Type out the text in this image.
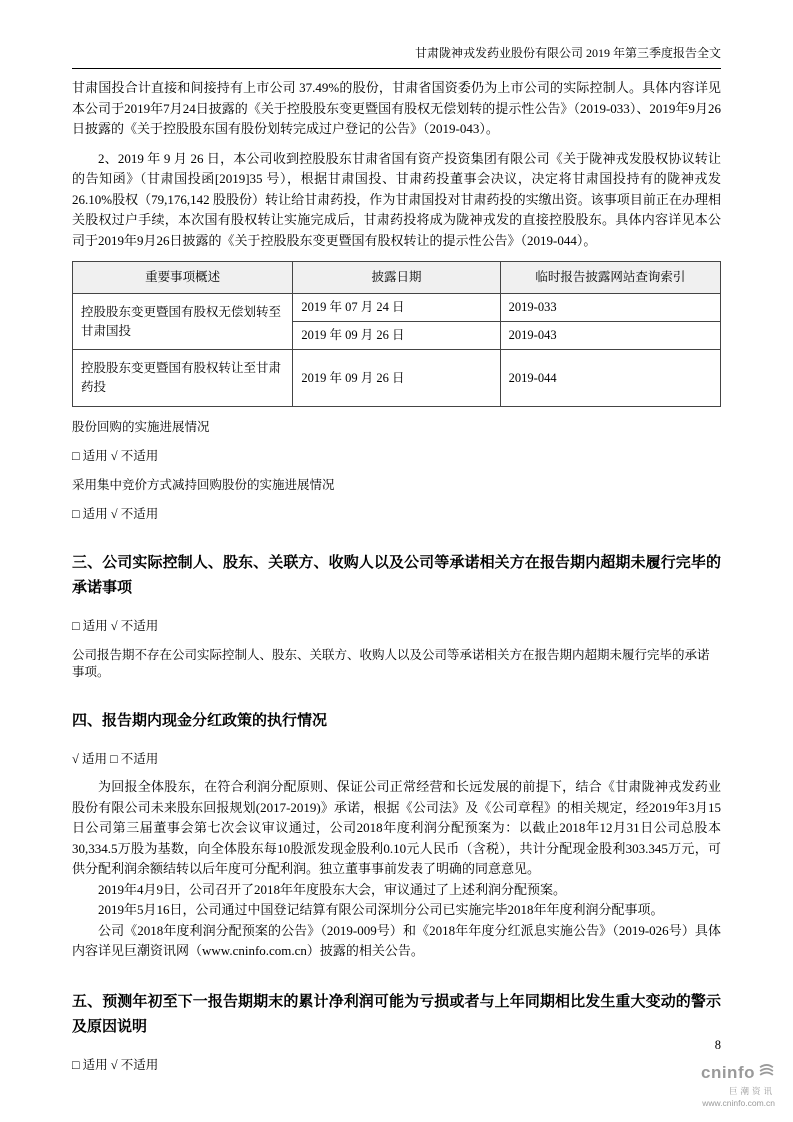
甘肃陇神戎发药业股份有限公司 2019 年第三季度报告全文

甘肃国投合计直接和间接持有上市公司 37.49%的股份，甘肃省国资委仍为上市公司的实际控制人。具体内容详见本公司于2019年7月24日披露的《关于控股股东变更暨国有股权无偿划转的提示性公告》（2019-033）、2019年9月26日披露的《关于控股股东国有股份划转完成过户登记的公告》（2019-043）。

2、2019 年 9 月 26 日，本公司收到控股股东甘肃省国有资产投资集团有限公司《关于陇神戎发股权协议转让的告知函》（甘肃国投函[2019]35 号），根据甘肃国投、甘肃药投董事会决议，决定将甘肃国投持有的陇神戎发 26.10%股权（79,176,142 股股份）转让给甘肃药投，作为甘肃国投对甘肃药投的实缴出资。该事项目前正在办理相关股权过户手续，本次国有股权转让实施完成后，甘肃药投将成为陇神戎发的直接控股股东。具体内容详见本公司于2019年9月26日披露的《关于控股股东变更暨国有股权转让的提示性公告》（2019-044）。

重要事项概述	披露日期	临时报告披露网站查询索引
控股股东变更暨国有股权无偿划转至甘肃国投	2019 年 07 月 24 日	2019-033
	2019 年 09 月 26 日	2019-043
控股股东变更暨国有股权转让至甘肃药投	2019 年 09 月 26 日	2019-044

股份回购的实施进展情况

□ 适用 √ 不适用

采用集中竞价方式减持回购股份的实施进展情况

□ 适用 √ 不适用

三、公司实际控制人、股东、关联方、收购人以及公司等承诺相关方在报告期内超期未履行完毕的承诺事项

□ 适用 √ 不适用

公司报告期不存在公司实际控制人、股东、关联方、收购人以及公司等承诺相关方在报告期内超期未履行完毕的承诺事项。

四、报告期内现金分红政策的执行情况

√ 适用 □ 不适用

为回报全体股东，在符合利润分配原则、保证公司正常经营和长远发展的前提下，结合《甘肃陇神戎发药业股份有限公司未来股东回报规划(2017-2019)》承诺，根据《公司法》及《公司章程》的相关规定，经2019年3月15日公司第三届董事会第七次会议审议通过，公司2018年度利润分配预案为：以截止2018年12月31日公司总股本30,334.5万股为基数，向全体股东每10股派发现金股利0.10元人民币（含税），共计分配现金股利303.345万元，可供分配利润余额结转以后年度可分配利润。独立董事事前发表了明确的同意意见。

2019年4月9日，公司召开了2018年年度股东大会，审议通过了上述利润分配预案。

2019年5月16日，公司通过中国登记结算有限公司深圳分公司已实施完毕2018年年度利润分配事项。

公司《2018年度利润分配预案的公告》（2019-009号）和《2018年年度分红派息实施公告》（2019-026号）具体内容详见巨潮资讯网（www.cninfo.com.cn）披露的相关公告。

五、预测年初至下一报告期期末的累计净利润可能为亏损或者与上年同期相比发生重大变动的警示及原因说明

□ 适用 √ 不适用

8
cninfo
巨潮资讯
www.cninfo.com.cn
